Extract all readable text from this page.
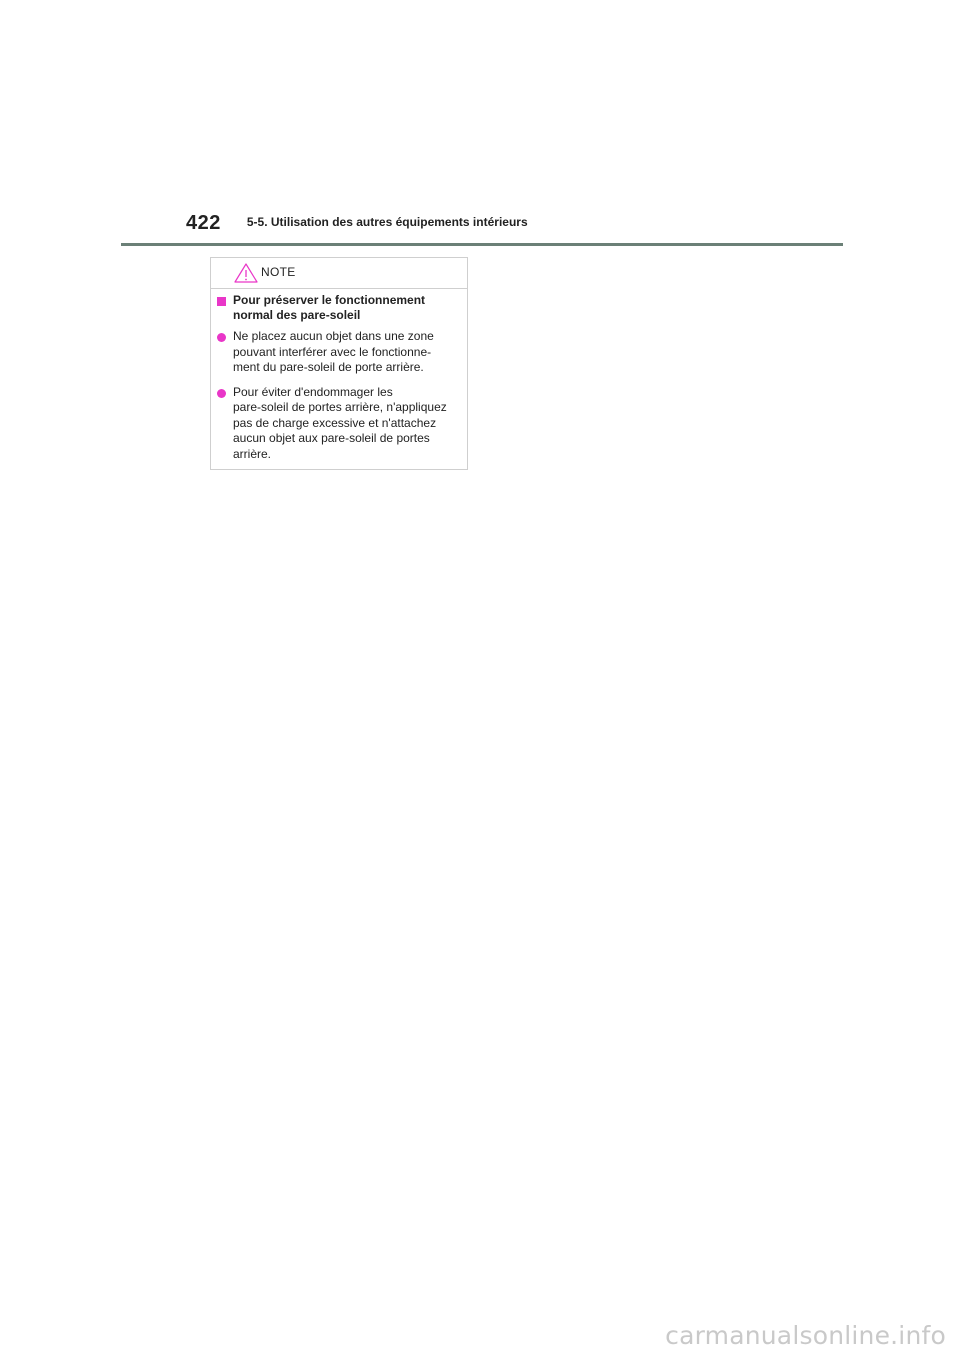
422 5-5. Utilisation des autres équipements intérieurs
NOTE
Pour préserver le fonctionnement normal des pare-soleil
Ne placez aucun objet dans une zone pouvant interférer avec le fonctionne-
ment du pare-soleil de porte arrière.
Pour éviter d'endommager les
pare-soleil de portes arrière, n'appliquez pas de charge excessive et n'attachez aucun objet aux pare-soleil de portes arrière.
carmanualsonline.info
